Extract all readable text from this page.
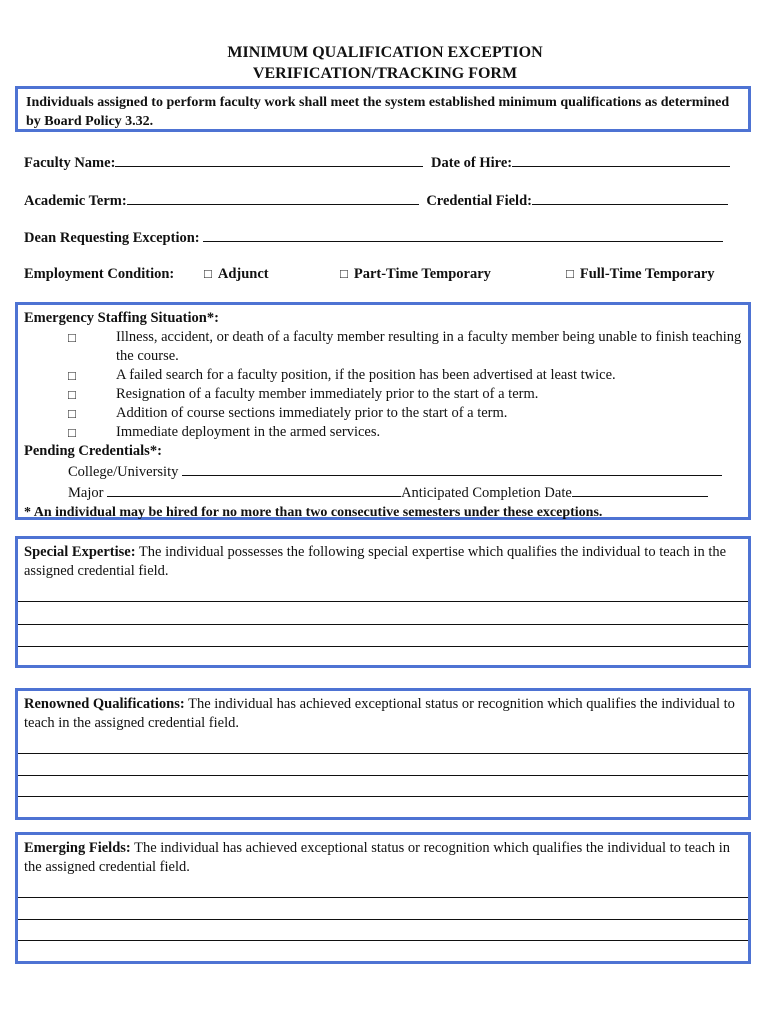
MINIMUM QUALIFICATION EXCEPTION
VERIFICATION/TRACKING FORM
Individuals assigned to perform faculty work shall meet the system established minimum qualifications as determined by Board Policy 3.32.
Faculty Name:	Date of Hire:
Academic Term:	Credential Field:
Dean Requesting Exception:
Employment Condition: □ Adjunct	□ Part-Time Temporary	□ Full-Time Temporary
Emergency Staffing Situation*:
□	Illness, accident, or death of a faculty member resulting in a faculty member being unable to finish teaching the course.
□	A failed search for a faculty position, if the position has been advertised at least twice.
□	Resignation of a faculty member immediately prior to the start of a term.
□	Addition of course sections immediately prior to the start of a term.
□	Immediate deployment in the armed services.
Pending Credentials*:
College/University
Major	Anticipated Completion Date
* An individual may be hired for no more than two consecutive semesters under these exceptions.
Special Expertise: The individual possesses the following special expertise which qualifies the individual to teach in the assigned credential field.
Renowned Qualifications: The individual has achieved exceptional status or recognition which qualifies the individual to teach in the assigned credential field.
Emerging Fields: The individual has achieved exceptional status or recognition which qualifies the individual to teach in the assigned credential field.
